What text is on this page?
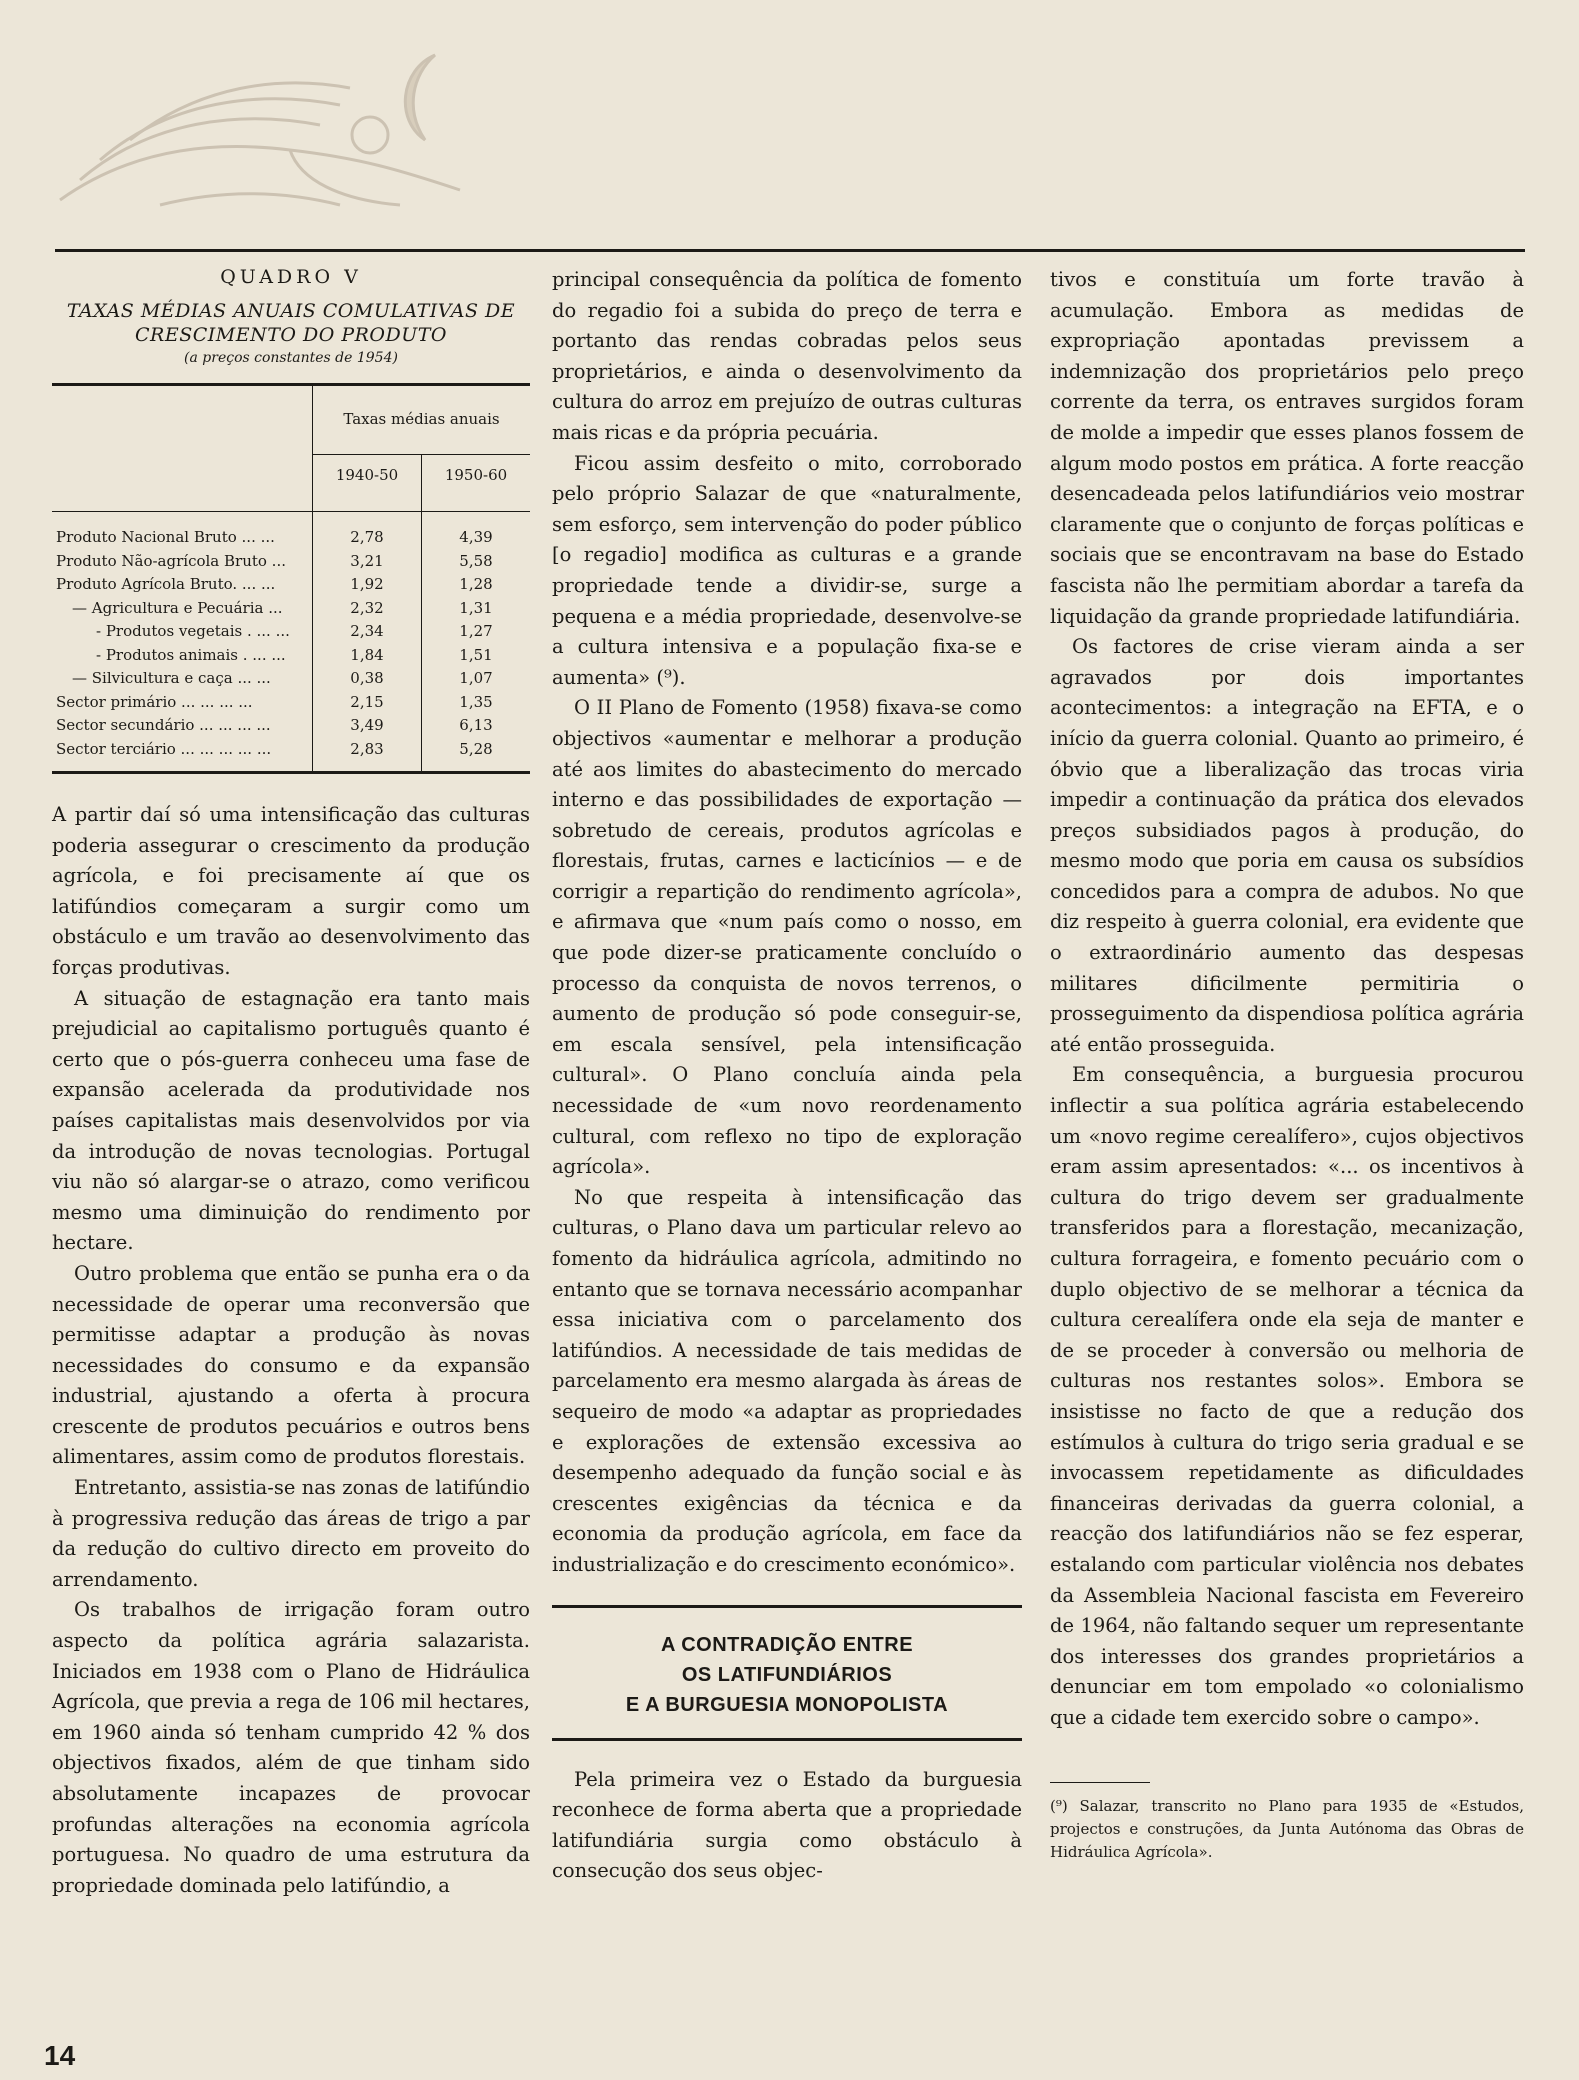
QUADRO V
TAXAS MÉDIAS ANUAIS COMULATIVAS DE CRESCIMENTO DO PRODUTO
(a preços constantes de 1954)
	Taxas médias anuais	
	1940-50	1950-60

Produto Nacional Bruto ... ...	2,78	4,39
Produto Não-agrícola Bruto ...	3,21	5,58
Produto Agrícola Bruto. ... ...	1,92	1,28
— Agricultura e Pecuária ...	2,32	1,31
- Produtos vegetais . ... ...	2,34	1,27
- Produtos animais . ... ...	1,84	1,51
— Silvicultura e caça ... ...	0,38	1,07
Sector primário ... ... ... ...	2,15	1,35
Sector secundário ... ... ... ...	3,49	6,13
Sector terciário ... ... ... ... ...	2,83	5,28

A partir daí só uma intensificação das culturas poderia assegurar o crescimento da produção agrícola, e foi precisamente aí que os latifúndios começaram a surgir como um obstáculo e um travão ao desenvolvimento das forças produtivas.

A situação de estagnação era tanto mais prejudicial ao capitalismo português quanto é certo que o pós-guerra conheceu uma fase de expansão acelerada da produtividade nos países capitalistas mais desenvolvidos por via da introdução de novas tecnologias. Portugal viu não só alargar-se o atrazo, como verificou mesmo uma diminuição do rendimento por hectare.

Outro problema que então se punha era o da necessidade de operar uma reconversão que permitisse adaptar a produção às novas necessidades do consumo e da expansão industrial, ajustando a oferta à procura crescente de produtos pecuários e outros bens alimentares, assim como de produtos florestais.

Entretanto, assistia-se nas zonas de latifúndio à progressiva redução das áreas de trigo a par da redução do cultivo directo em proveito do arrendamento.

Os trabalhos de irrigação foram outro aspecto da política agrária salazarista. Iniciados em 1938 com o Plano de Hidráulica Agrícola, que previa a rega de 106 mil hectares, em 1960 ainda só tenham cumprido 42 % dos objectivos fixados, além de que tinham sido absolutamente incapazes de provocar profundas alterações na economia agrícola portuguesa. No quadro de uma estrutura da propriedade dominada pelo latifúndio, a

principal consequência da política de fomento do regadio foi a subida do preço de terra e portanto das rendas cobradas pelos seus proprietários, e ainda o desenvolvimento da cultura do arroz em prejuízo de outras culturas mais ricas e da própria pecuária.

Ficou assim desfeito o mito, corroborado pelo próprio Salazar de que «naturalmente, sem esforço, sem intervenção do poder público [o regadio] modifica as culturas e a grande propriedade tende a dividir-se, surge a pequena e a média propriedade, desenvolve-se a cultura intensiva e a população fixa-se e aumenta» (⁹).

O II Plano de Fomento (1958) fixava-se como objectivos «aumentar e melhorar a produção até aos limites do abastecimento do mercado interno e das possibilidades de exportação — sobretudo de cereais, produtos agrícolas e florestais, frutas, carnes e lacticínios — e de corrigir a repartição do rendimento agrícola», e afirmava que «num país como o nosso, em que pode dizer-se praticamente concluído o processo da conquista de novos terrenos, o aumento de produção só pode conseguir-se, em escala sensível, pela intensificação cultural». O Plano concluía ainda pela necessidade de «um novo reordenamento cultural, com reflexo no tipo de exploração agrícola».

No que respeita à intensificação das culturas, o Plano dava um particular relevo ao fomento da hidráulica agrícola, admitindo no entanto que se tornava necessário acompanhar essa iniciativa com o parcelamento dos latifúndios. A necessidade de tais medidas de parcelamento era mesmo alargada às áreas de sequeiro de modo «a adaptar as propriedades e explorações de extensão excessiva ao desempenho adequado da função social e às crescentes exigências da técnica e da economia da produção agrícola, em face da industrialização e do crescimento económico».

A CONTRADIÇÃO ENTRE
OS LATIFUNDIÁRIOS
E A BURGUESIA MONOPOLISTA

Pela primeira vez o Estado da burguesia reconhece de forma aberta que a propriedade latifundiária surgia como obstáculo à consecução dos seus objec-

tivos e constituía um forte travão à acumulação. Embora as medidas de expropriação apontadas previssem a indemnização dos proprietários pelo preço corrente da terra, os entraves surgidos foram de molde a impedir que esses planos fossem de algum modo postos em prática. A forte reacção desencadeada pelos latifundiários veio mostrar claramente que o conjunto de forças políticas e sociais que se encontravam na base do Estado fascista não lhe permitiam abordar a tarefa da liquidação da grande propriedade latifundiária.

Os factores de crise vieram ainda a ser agravados por dois importantes acontecimentos: a integração na EFTA, e o início da guerra colonial. Quanto ao primeiro, é óbvio que a liberalização das trocas viria impedir a continuação da prática dos elevados preços subsidiados pagos à produção, do mesmo modo que poria em causa os subsídios concedidos para a compra de adubos. No que diz respeito à guerra colonial, era evidente que o extraordinário aumento das despesas militares dificilmente permitiria o prosseguimento da dispendiosa política agrária até então prosseguida.

Em consequência, a burguesia procurou inflectir a sua política agrária estabelecendo um «novo regime cerealífero», cujos objectivos eram assim apresentados: «... os incentivos à cultura do trigo devem ser gradualmente transferidos para a florestação, mecanização, cultura forrageira, e fomento pecuário com o duplo objectivo de se melhorar a técnica da cultura cerealífera onde ela seja de manter e de se proceder à conversão ou melhoria de culturas nos restantes solos». Embora se insistisse no facto de que a redução dos estímulos à cultura do trigo seria gradual e se invocassem repetidamente as dificuldades financeiras derivadas da guerra colonial, a reacção dos latifundiários não se fez esperar, estalando com particular violência nos debates da Assembleia Nacional fascista em Fevereiro de 1964, não faltando sequer um representante dos interesses dos grandes proprietários a denunciar em tom empolado «o colonialismo que a cidade tem exercido sobre o campo».

(⁹) Salazar, transcrito no Plano para 1935 de «Estudos, projectos e construções, da Junta Autónoma das Obras de Hidráulica Agrícola».
14
